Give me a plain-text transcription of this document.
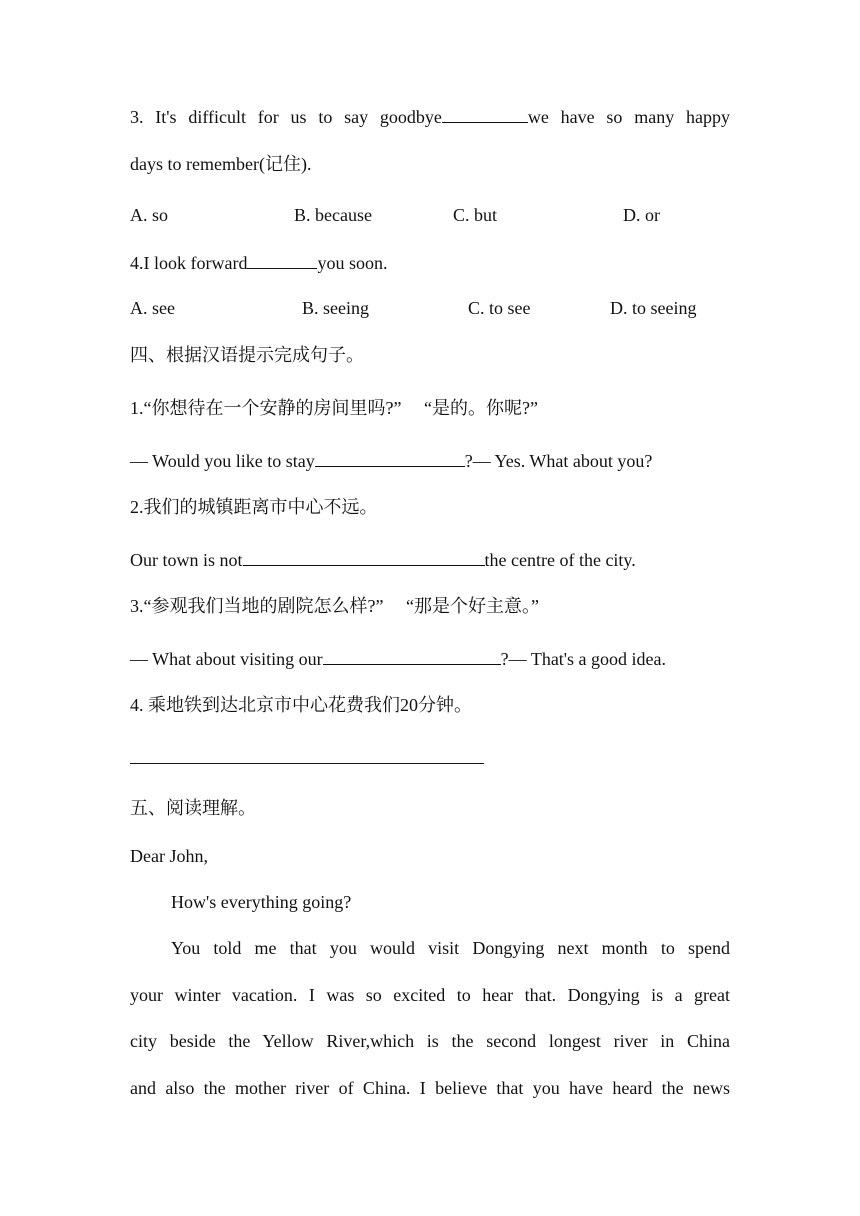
3. It's difficult for us to say goodbye	we have so many happy
days to remember(记住).
A. so	B. because	C. but	D. or
4.I look forward	you soon.
A. see	B. seeing	C. to see	D. to seeing
四、根据汉语提示完成句子。
1.“你想待在一个安静的房间里吗?”　 “是的。你呢?”
— Would you like to stay	?— Yes. What about you?
2.我们的城镇距离市中心不远。
Our town is not	the centre of the city.
3.“参观我们当地的剧院怎么样?”　 “那是个好主意。”
— What about visiting our	?— That's a good idea.
4. 乘地铁到达北京市中心花费我们20分钟。
五、阅读理解。
Dear John,
How's everything going?
You told me that you would visit Dongying next month to spend
your winter vacation. I was so excited to hear that. Dongying is a great
city beside the Yellow River,which is the second longest river in China
and also the mother river of China. I believe that you have heard the news
